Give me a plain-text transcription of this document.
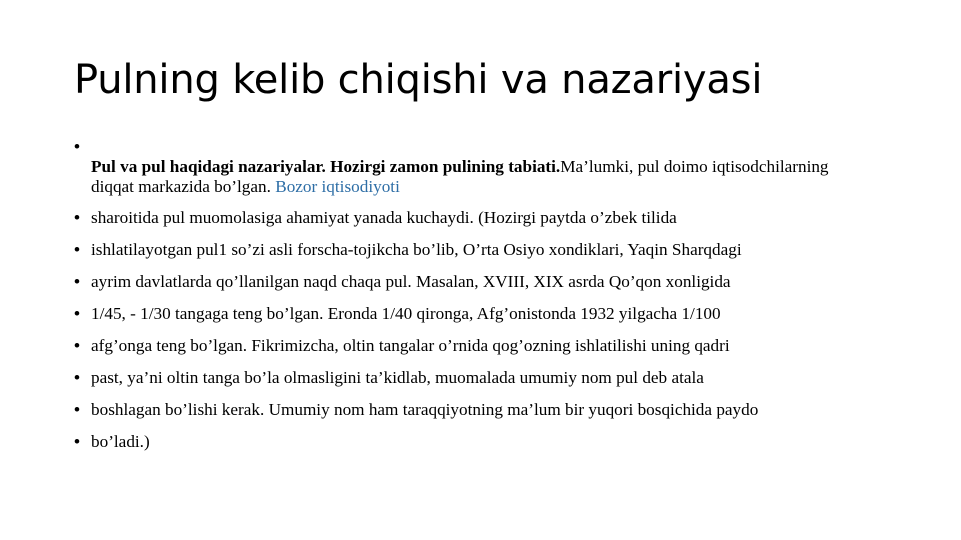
Pulning kelib chiqishi va nazariyasi
•
Pul va pul haqidagi nazariyalar. Hozirgi zamon pulining tabiati.Ma’lumki, pul doimo iqtisodchilarning diqqat markazida bo’lgan. Bozor iqtisodiyoti
• sharoitida pul muomolasiga ahamiyat yanada kuchaydi. (Hozirgi paytda o’zbek tilida
• ishlatilayotgan pul1 so’zi asli forscha-tojikcha bo’lib, O’rta Osiyo xondiklari, Yaqin Sharqdagi
• ayrim davlatlarda qo’llanilgan naqd chaqa pul. Masalan, XVIII, XIX asrda Qo’qon xonligida
• 1/45, - 1/30 tangaga teng bo’lgan. Eronda 1/40 qironga, Afg’onistonda 1932 yilgacha 1/100
• afg’onga teng bo’lgan. Fikrimizcha, oltin tangalar o’rnida qog’ozning ishlatilishi uning qadri
• past, ya’ni oltin tanga bo’la olmasligini ta’kidlab, muomalada umumiy nom pul deb atala
• boshlagan bo’lishi kerak. Umumiy nom ham taraqqiyotning ma’lum bir yuqori bosqichida paydo
• bo’ladi.)
